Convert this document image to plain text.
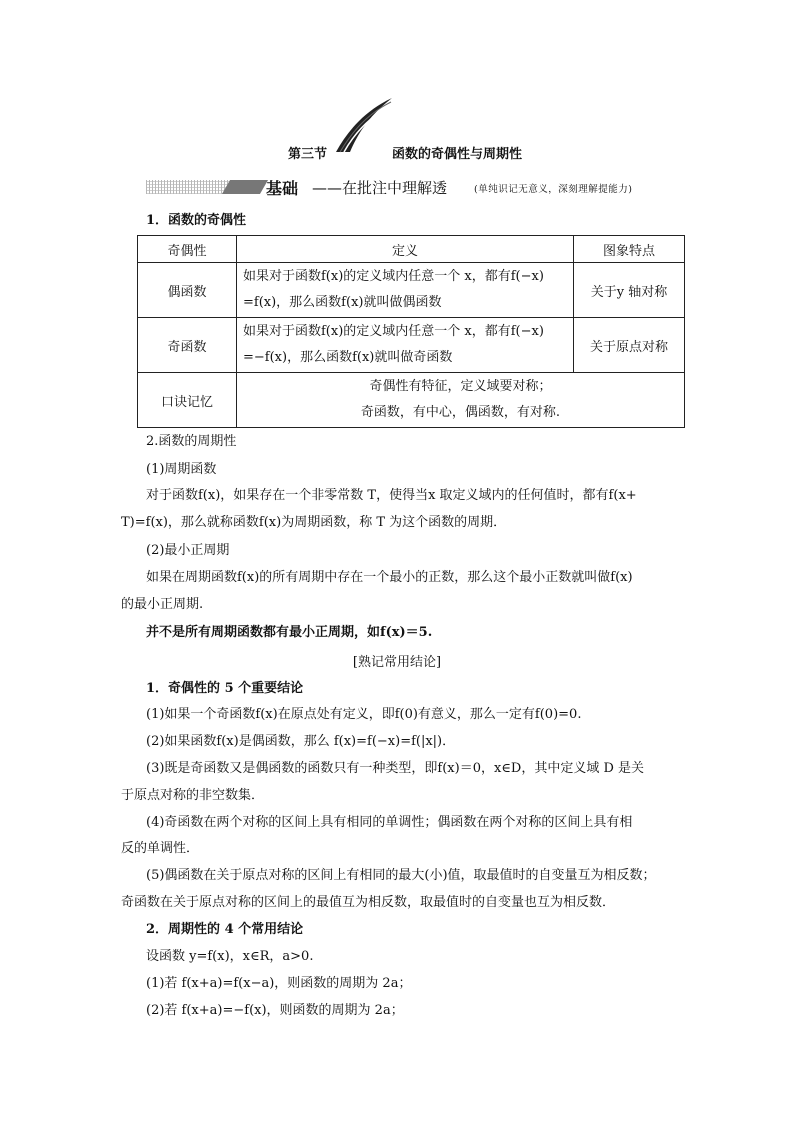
第三节	函数的奇偶性与周期性
基础 ——在批注中理解透	(单纯识记无意义，深刻理解提能力)
1．函数的奇偶性
奇偶性	定义	图象特点
偶函数	如果对于函数f(x)的定义域内任意一个 x，都有f(−x)
=f(x)，那么函数f(x)就叫做偶函数	关于y 轴对称
奇函数	如果对于函数f(x)的定义域内任意一个 x，都有f(−x)
=−f(x)，那么函数f(x)就叫做奇函数	关于原点对称
口诀记忆	奇偶性有特征，定义域要对称；
奇函数，有中心，偶函数，有对称.	
2.函数的周期性
(1)周期函数
对于函数f(x)，如果存在一个非零常数 T，使得当x 取定义域内的任何值时，都有f(x+
T)=f(x)，那么就称函数f(x)为周期函数，称 T 为这个函数的周期．
(2)最小正周期
如果在周期函数f(x)的所有周期中存在一个最小的正数，那么这个最小正数就叫做f(x)
的最小正周期.
并不是所有周期函数都有最小正周期，如f(x)＝5.
[熟记常用结论]
1．奇偶性的 5 个重要结论
(1)如果一个奇函数f(x)在原点处有定义，即f(0)有意义，那么一定有f(0)=0.
(2)如果函数f(x)是偶函数，那么 f(x)=f(−x)=f(|x|)．
(3)既是奇函数又是偶函数的函数只有一种类型，即f(x)＝0，x∈D，其中定义域 D 是关
于原点对称的非空数集．
(4)奇函数在两个对称的区间上具有相同的单调性；偶函数在两个对称的区间上具有相
反的单调性．
(5)偶函数在关于原点对称的区间上有相同的最大(小)值，取最值时的自变量互为相反数；
奇函数在关于原点对称的区间上的最值互为相反数，取最值时的自变量也互为相反数．
2．周期性的 4 个常用结论
设函数 y=f(x)，x∈R，a>0.
(1)若 f(x+a)=f(x−a)，则函数的周期为 2a；
(2)若 f(x+a)=−f(x)，则函数的周期为 2a；
